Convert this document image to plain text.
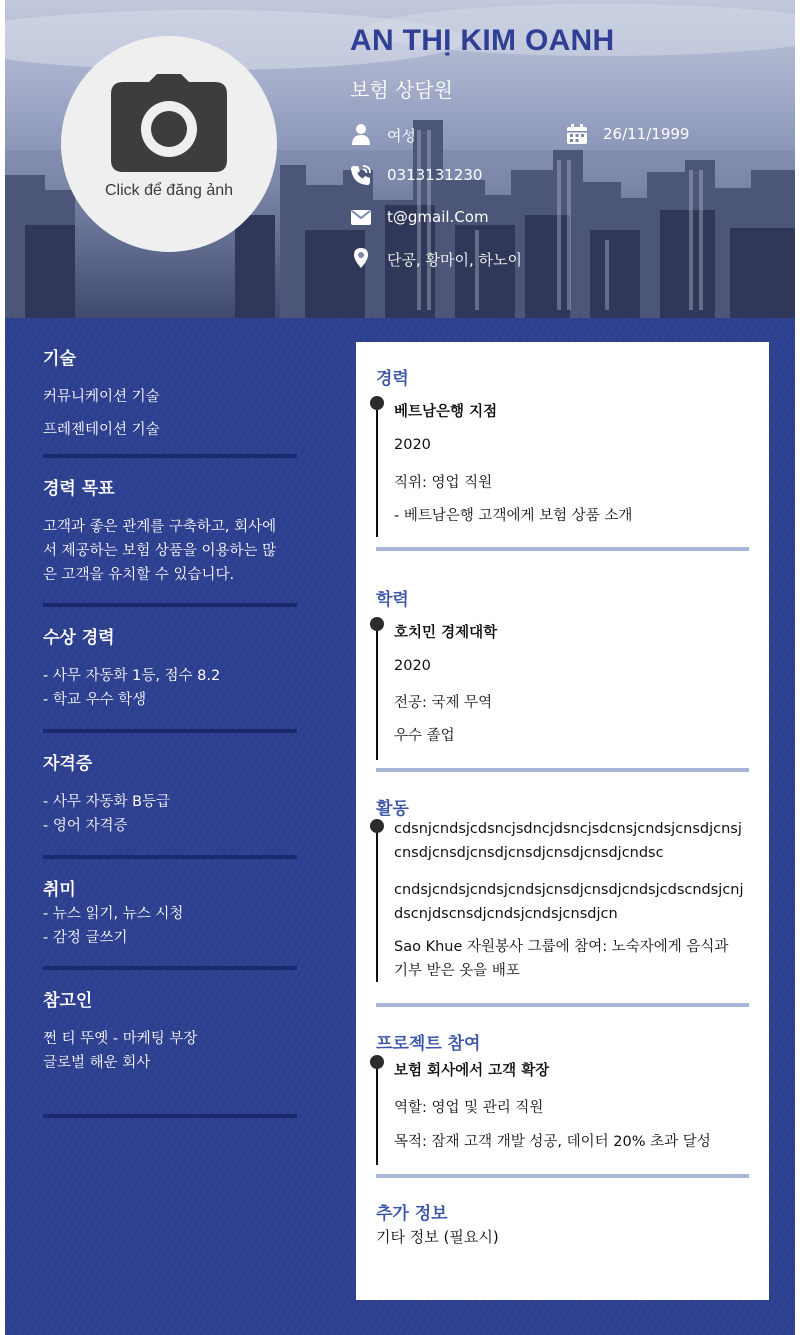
Click để đăng ảnh
AN THỊ KIM OANH
보험 상담원
여성	26/11/1999
0313131230
t@gmail.Com
단공, 황마이, 하노이
기술
커뮤니케이션 기술
프레젠테이션 기술
경력 목표
고객과 좋은 관계를 구축하고, 회사에
서 제공하는 보험 상품을 이용하는 많
은 고객을 유치할 수 있습니다.
수상 경력
- 사무 자동화 1등, 점수 8.2
- 학교 우수 학생
자격증
- 사무 자동화 B등급
- 영어 자격증
취미
- 뉴스 읽기, 뉴스 시청
- 감정 글쓰기
참고인
쩐 티 뚜옛 - 마케팅 부장
글로벌 해운 회사
경력
베트남은행 지점
2020
직위: 영업 직원
- 베트남은행 고객에게 보험 상품 소개
학력
호치민 경제대학
2020
전공: 국제 무역
우수 졸업
활동
cdsnjcndsjcdsncjsdncjdsncjsdcnsjcndsjcnsdjcnsjcnsdjcnsdjcnsdjcnsdjcnsdjcnsdjcndsc
cndsjcndsjcndsjcndsjcnsdjcnsdjcndsjcdscndsjcnjdscnjdscnsdjcndsjcndsjcnsdjcn
Sao Khue 자원봉사 그룹에 참여: 노숙자에게 음식과
기부 받은 옷을 배포
프로젝트 참여
보험 회사에서 고객 확장
역할: 영업 및 관리 직원
목적: 잠재 고객 개발 성공, 데이터 20% 초과 달성
추가 정보
기타 정보 (필요시)
